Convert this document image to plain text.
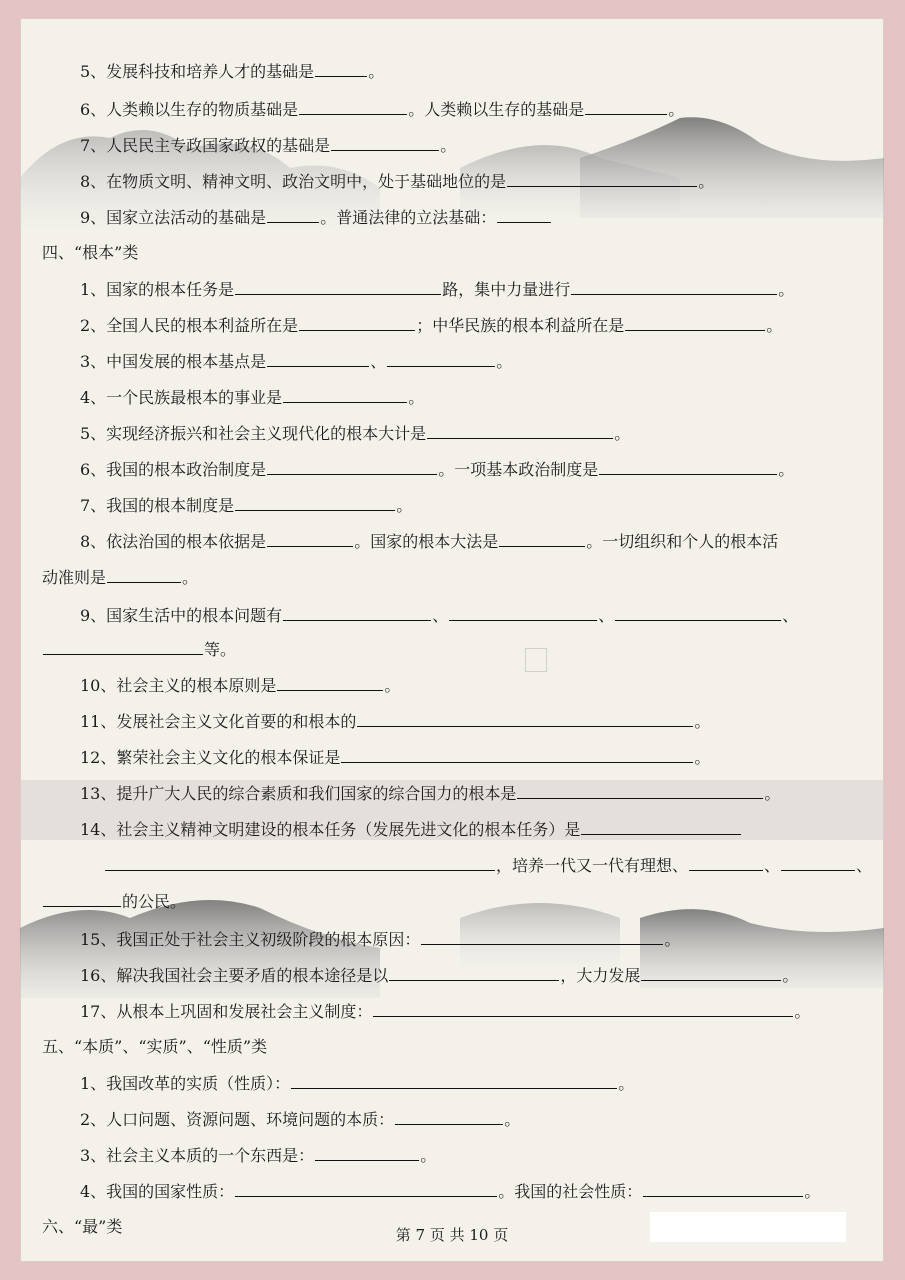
5、发展科技和培养人才的基础是	。
6、人类赖以生存的物质基础是	。人类赖以生存的基础是	。
7、人民民主专政国家政权的基础是	。
8、在物质文明、精神文明、政治文明中，处于基础地位的是	。
9、国家立法活动的基础是	。普通法律的立法基础：
四、“根本”类
1、国家的根本任务是	路，集中力量进行	。
2、全国人民的根本利益所在是	；中华民族的根本利益所在是	。
3、中国发展的根本基点是	、	。
4、一个民族最根本的事业是	。
5、实现经济振兴和社会主义现代化的根本大计是	。
6、我国的根本政治制度是	。一项基本政治制度是	。
7、我国的根本制度是	。
8、依法治国的根本依据是	。国家的根本大法是	。一切组织和个人的根本活
动准则是	。
9、国家生活中的根本问题有	、	、	、
等。
10、社会主义的根本原则是	。
11、发展社会主义文化首要的和根本的	。
12、繁荣社会主义文化的根本保证是	。
13、提升广大人民的综合素质和我们国家的综合国力的根本是	。
14、社会主义精神文明建设的根本任务（发展先进文化的根本任务）是
，培养一代又一代有理想、	、	、
的公民。
15、我国正处于社会主义初级阶段的根本原因：	。
16、解决我国社会主要矛盾的根本途径是以	，大力发展	。
17、从根本上巩固和发展社会主义制度：	。
五、“本质”、“实质”、“性质”类
1、我国改革的实质（性质）：	。
2、人口问题、资源问题、环境问题的本质：	。
3、社会主义本质的一个东西是：	。
4、我国的国家性质：	。我国的社会性质：	。
六、“最”类	第 7 页 共 10 页
